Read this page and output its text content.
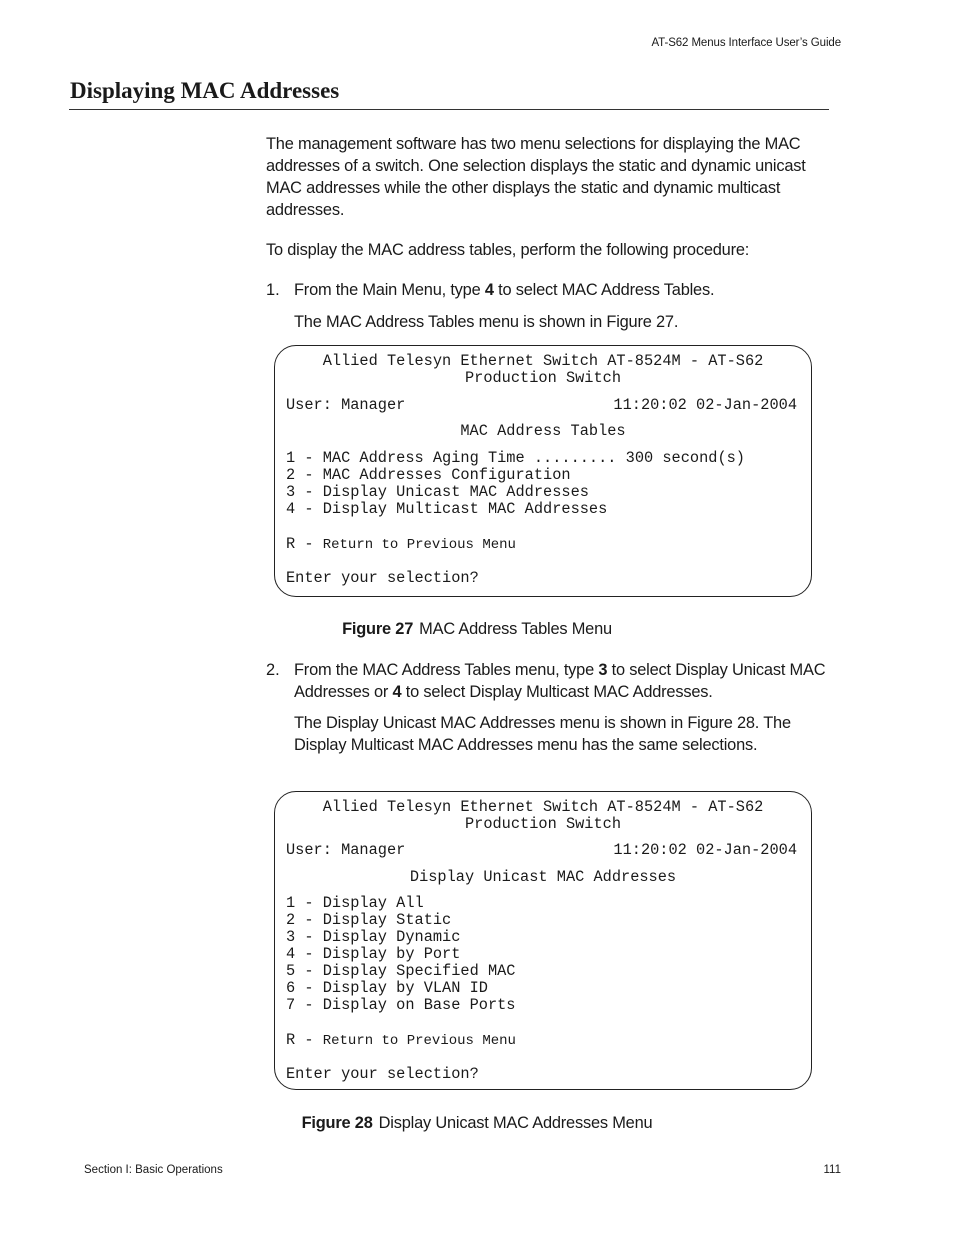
AT-S62 Menus Interface User’s Guide
Displaying MAC Addresses
The management software has two menu selections for displaying the MAC addresses of a switch. One selection displays the static and dynamic unicast MAC addresses while the other displays the static and dynamic multicast addresses.
To display the MAC address tables, perform the following procedure:
1. From the Main Menu, type 4 to select MAC Address Tables.
The MAC Address Tables menu is shown in Figure 27.
Allied Telesyn Ethernet Switch AT-8524M - AT-S62
Production Switch
User: Manager	11:20:02 02-Jan-2004
MAC Address Tables
1 - MAC Address Aging Time ......... 300 second(s)
2 - MAC Addresses Configuration
3 - Display Unicast MAC Addresses
4 - Display Multicast MAC Addresses
R - Return to Previous Menu
Enter your selection?
Figure 27 MAC Address Tables Menu
2. From the MAC Address Tables menu, type 3 to select Display Unicast MAC Addresses or 4 to select Display Multicast MAC Addresses.
The Display Unicast MAC Addresses menu is shown in Figure 28. The Display Multicast MAC Addresses menu has the same selections.
Allied Telesyn Ethernet Switch AT-8524M - AT-S62
Production Switch
User: Manager	11:20:02 02-Jan-2004
Display Unicast MAC Addresses
1 - Display All
2 - Display Static
3 - Display Dynamic
4 - Display by Port
5 - Display Specified MAC
6 - Display by VLAN ID
7 - Display on Base Ports
R - Return to Previous Menu
Enter your selection?
Figure 28 Display Unicast MAC Addresses Menu
Section I: Basic Operations	111
